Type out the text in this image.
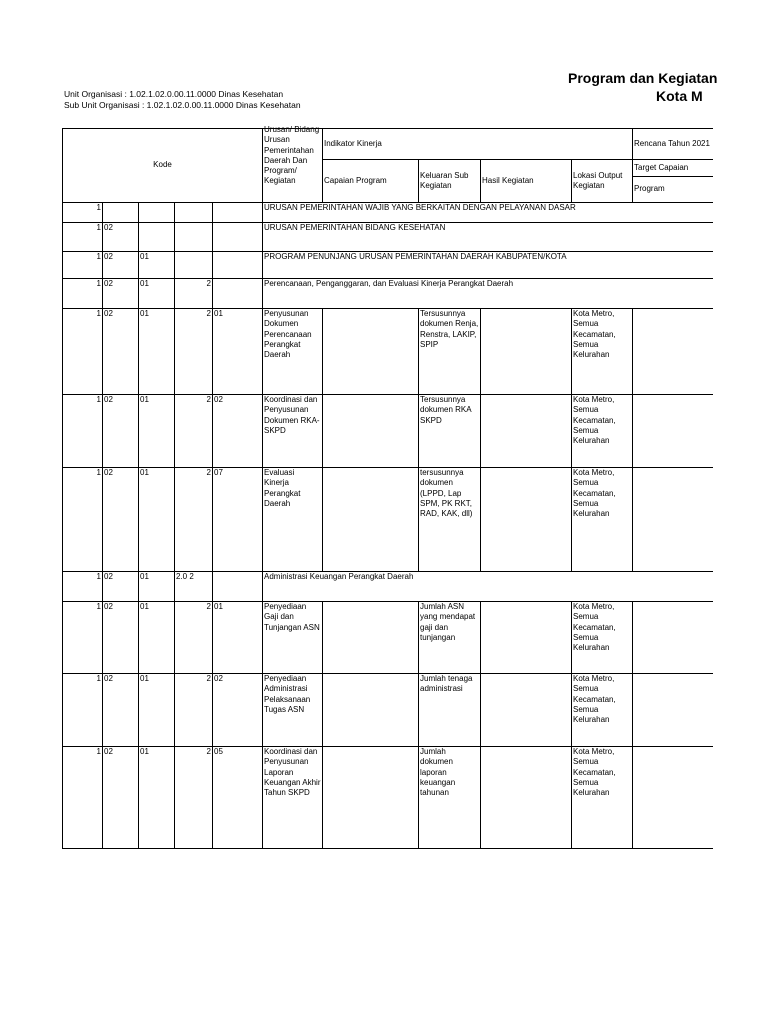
Program dan Kegiatan
Kota M
Unit Organisasi : 1.02.1.02.0.00.11.0000 Dinas Kesehatan
Sub Unit Organisasi : 1.02.1.02.0.00.11.0000 Dinas Kesehatan
Kode					Urusan/ Bidang Urusan Pemerintahan Daerah Dan Program/ Kegiatan	Indikator Kinerja				Rencana Tahun 2021
						Capaian Program	Keluaran Sub Kegiatan	Hasil Kegiatan	Lokasi Output Kegiatan	Target Capaian
										Program
1					URUSAN PEMERINTAHAN WAJIB YANG BERKAITAN DENGAN PELAYANAN DASAR					
1	02				URUSAN PEMERINTAHAN BIDANG KESEHATAN					
1	02	01			PROGRAM PENUNJANG URUSAN PEMERINTAHAN DAERAH KABUPATEN/KOTA					
1	02	01	2		Perencanaan, Penganggaran, dan Evaluasi Kinerja Perangkat Daerah					
1	02	01	2	01	Penyusunan Dokumen Perencanaan Perangkat Daerah		Tersusunnya dokumen Renja, Renstra, LAKIP, SPIP		Kota Metro, Semua Kecamatan, Semua Kelurahan	
1	02	01	2	02	Koordinasi dan Penyusunan Dokumen RKA-SKPD		Tersusunnya dokumen RKA SKPD		Kota Metro, Semua Kecamatan, Semua Kelurahan	
1	02	01	2	07	Evaluasi Kinerja Perangkat Daerah		tersusunnya dokumen (LPPD, Lap SPM, PK RKT, RAD, KAK, dll)		Kota Metro, Semua Kecamatan, Semua Kelurahan	
1	02	01	2.0 2		Administrasi Keuangan Perangkat Daerah					
1	02	01	2	01	Penyediaan Gaji dan Tunjangan ASN		Jumlah ASN yang mendapat gaji dan tunjangan		Kota Metro, Semua Kecamatan, Semua Kelurahan	
1	02	01	2	02	Penyediaan Administrasi Pelaksanaan Tugas ASN		Jumlah tenaga administrasi		Kota Metro, Semua Kecamatan, Semua Kelurahan	
1	02	01	2	05	Koordinasi dan Penyusunan Laporan Keuangan Akhir Tahun SKPD		Jumlah dokumen laporan keuangan tahunan		Kota Metro, Semua Kecamatan, Semua Kelurahan	
